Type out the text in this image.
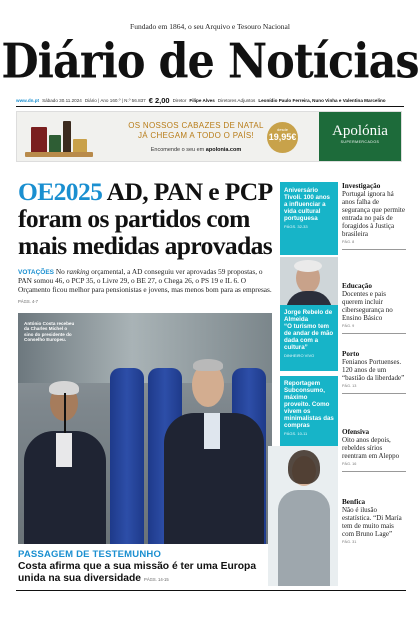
Fundado em 1864, o seu Arquivo e Tesouro Nacional
Diário de Notícias
www.dn.pt Sábado 30.11.2024 Diário | Ano 160.º | N.º 56.837 € 2,00 Diretor Filipe Alves Diretores Adjuntos Leonídio Paulo Ferreira, Nuno Vinha e Valentina Marcelino
OS NOSSOS CABAZES DE NATAL
JÁ CHEGAM A TODO O PAÍS!
Encomende o seu em apolonia.com
desde
19,95€	Apolónia
SUPERMERCADOS
OE2025 AD, PAN e PCP foram os partidos com mais medidas aprovadas
VOTAÇÕES No ranking orçamental, a AD conseguiu ver aprovadas 59 propostas, o PAN somou 46, o PCP 35, o Livre 29, o BE 27, o Chega 26, o PS 19 e IL 6. O Orçamento ficou melhor para pensionistas e jovens, mas menos bom para as empresas.
PÁGS. 4-7
António Costa recebeu da Charles Michel o sino do presidente do Conselho Europeu.
PASSAGEM DE TESTEMUNHO
Costa afirma que a sua missão é ter uma Europa unida na sua diversidade PÁGS. 14-15
Aniversário
Tivoli. 100 anos a influenciar a vida cultural portuguesa
PÁGS. 32-33
Jorge Rebelo de Almeida
“O turismo tem de andar de mão dada com a cultura”
DINHEIRO VIVO
Reportagem
Subconsumo, máximo proveito. Como vivem os minimalistas das compras
PÁGS. 10-11
Investigação
Portugal ignora há anos falha de segurança que permite entrada no país de foragidos à Justiça brasileira
PÁG. 8
Educação
Docentes e pais querem incluir cibersegurança no Ensino Básico
PÁG. 9
Porto
Fenianos Portuenses. 120 anos de um “bastião da liberdade”
PÁG. 13
Ofensiva
Oito anos depois, rebeldes sírios reentram em Aleppo
PÁG. 16
Benfica
Não é ilusão estatística. “Di María tem de muito mais com Bruno Lage”
PÁG. 31
